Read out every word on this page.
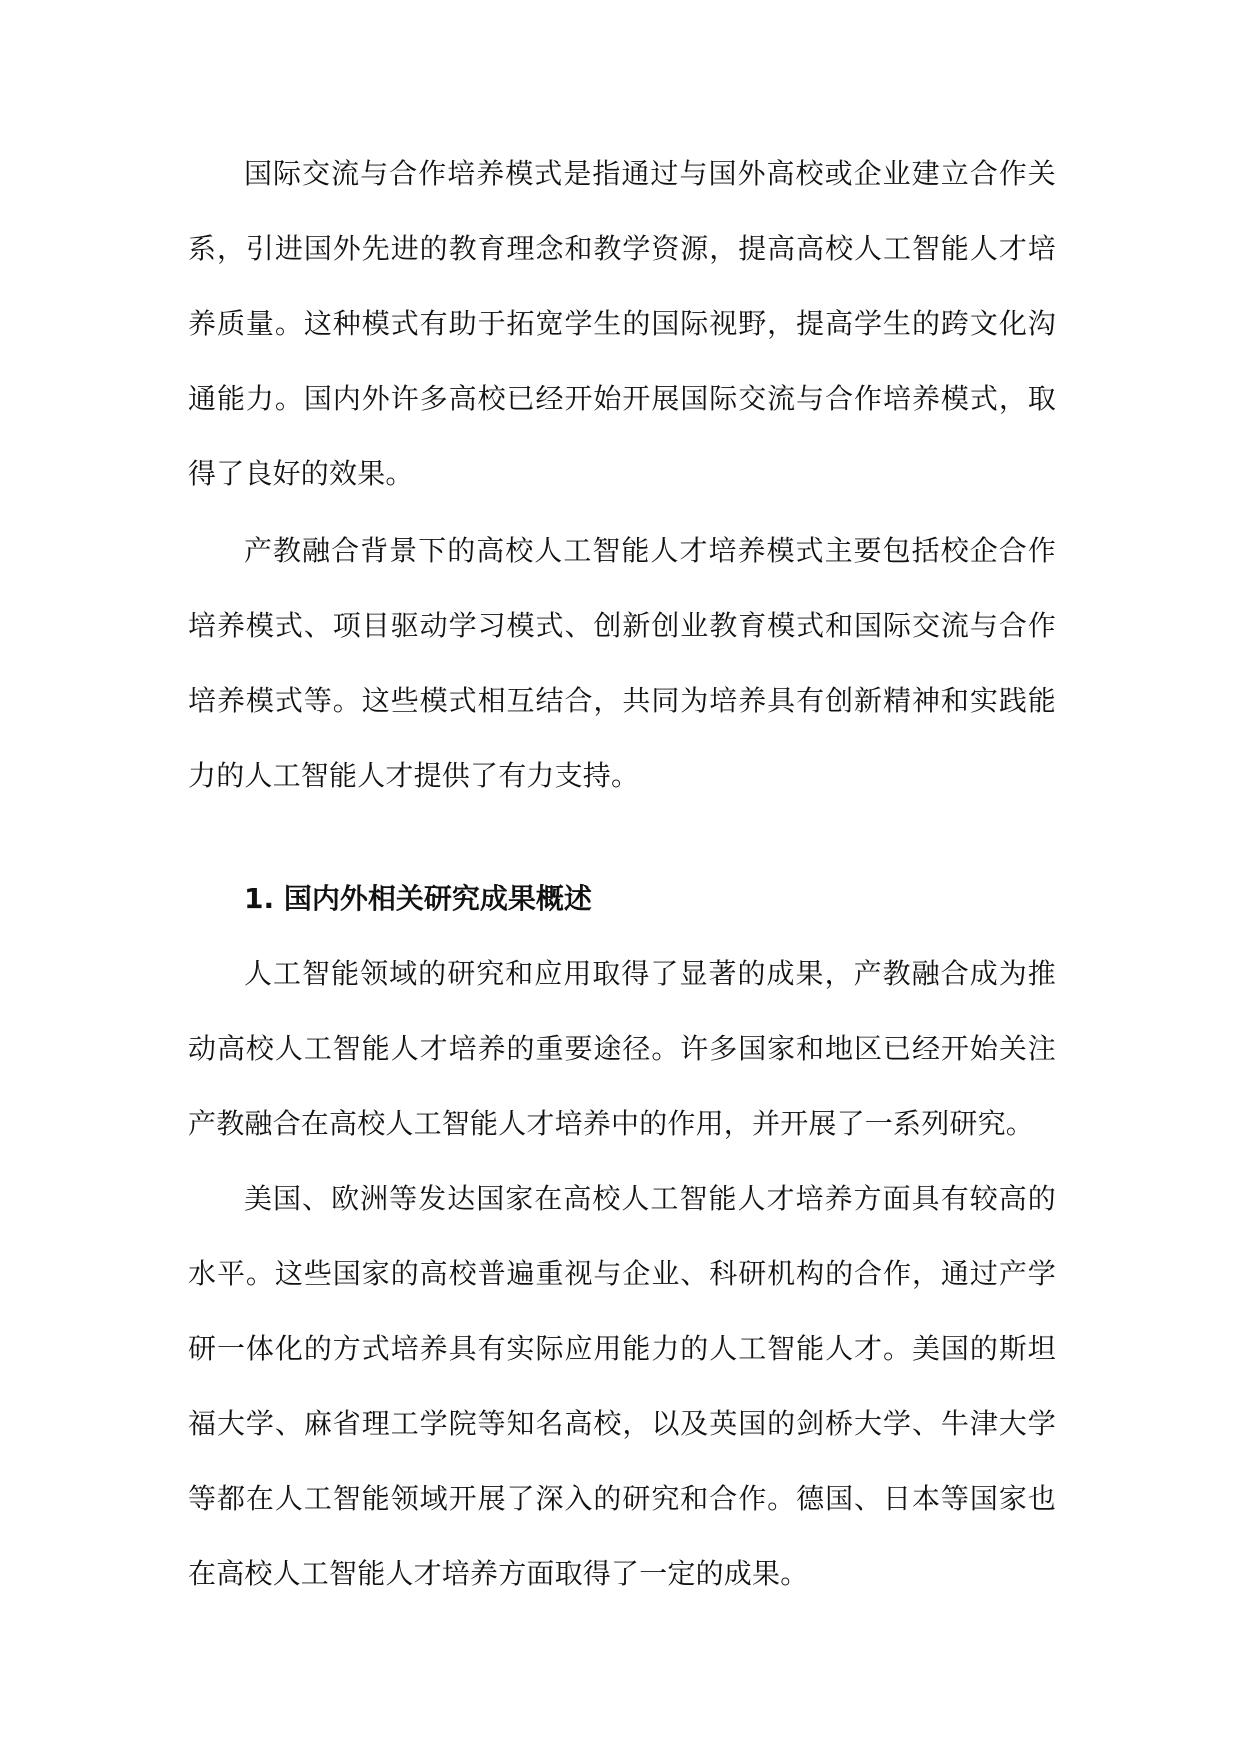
国际交流与合作培养模式是指通过与国外高校或企业建立合作关系，引进国外先进的教育理念和教学资源，提高高校人工智能人才培养质量。这种模式有助于拓宽学生的国际视野，提高学生的跨文化沟通能力。国内外许多高校已经开始开展国际交流与合作培养模式，取得了良好的效果。

产教融合背景下的高校人工智能人才培养模式主要包括校企合作培养模式、项目驱动学习模式、创新创业教育模式和国际交流与合作培养模式等。这些模式相互结合，共同为培养具有创新精神和实践能力的人工智能人才提供了有力支持。

1. 国内外相关研究成果概述

人工智能领域的研究和应用取得了显著的成果，产教融合成为推动高校人工智能人才培养的重要途径。许多国家和地区已经开始关注产教融合在高校人工智能人才培养中的作用，并开展了一系列研究。

美国、欧洲等发达国家在高校人工智能人才培养方面具有较高的水平。这些国家的高校普遍重视与企业、科研机构的合作，通过产学研一体化的方式培养具有实际应用能力的人工智能人才。美国的斯坦福大学、麻省理工学院等知名高校，以及英国的剑桥大学、牛津大学等都在人工智能领域开展了深入的研究和合作。德国、日本等国家也在高校人工智能人才培养方面取得了一定的成果。
